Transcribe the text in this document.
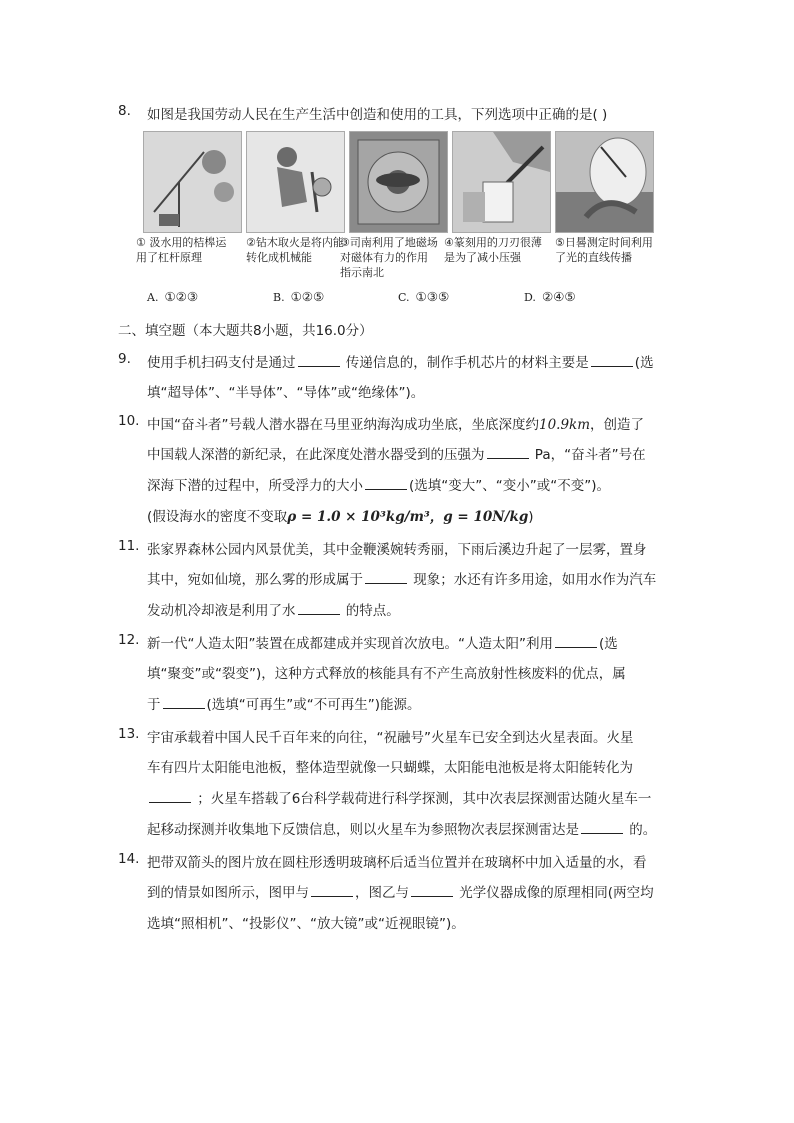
8. 如图是我国劳动人民在生产生活中创造和使用的工具，下列选项中正确的是( )
① 汲水用的桔槔运用了杠杆原理
②钻木取火是将内能转化成机械能
③司南利用了地磁场对磁体有力的作用指示南北
④篆刻用的刀刃很薄是为了减小压强
⑤日晷测定时间利用了光的直线传播
A. ①②③	B. ①②⑤	C. ①③⑤	D. ②④⑤
二、填空题（本大题共8小题，共16.0分）
9. 使用手机扫码支付是通过	传递信息的，制作手机芯片的材料主要是	(选
填“超导体”、“半导体”、“导体”或“绝缘体”)。
10. 中国“奋斗者”号载人潜水器在马里亚纳海沟成功坐底，坐底深度约10.9km，创造了
中国载人深潜的新纪录，在此深度处潜水器受到的压强为	Pa，“奋斗者”号在
深海下潜的过程中，所受浮力的大小	(选填“变大”、“变小”或“不变”)。
(假设海水的密度不变取ρ = 1.0 × 10³kg/m³，g = 10N/kg)
11. 张家界森林公园内风景优美，其中金鞭溪婉转秀丽，下雨后溪边升起了一层雾，置身
其中，宛如仙境，那么雾的形成属于	现象；水还有许多用途，如用水作为汽车
发动机冷却液是利用了水	的特点。
12. 新一代“人造太阳”装置在成都建成并实现首次放电。“人造太阳”利用	(选
填“聚变”或“裂变”)，这种方式释放的核能具有不产生高放射性核废料的优点，属
于	(选填“可再生”或“不可再生”)能源。
13. 宇宙承载着中国人民千百年来的向往，“祝融号”火星车已安全到达火星表面。火星
车有四片太阳能电池板，整体造型就像一只蝴蝶，太阳能电池板是将太阳能转化为
；火星车搭载了6台科学载荷进行科学探测，其中次表层探测雷达随火星车一
起移动探测并收集地下反馈信息，则以火星车为参照物次表层探测雷达是	的。
14. 把带双箭头的图片放在圆柱形透明玻璃杯后适当位置并在玻璃杯中加入适量的水，看
到的情景如图所示，图甲与	，图乙与	光学仪器成像的原理相同(两空均
选填“照相机”、“投影仪”、“放大镜”或“近视眼镜”)。
